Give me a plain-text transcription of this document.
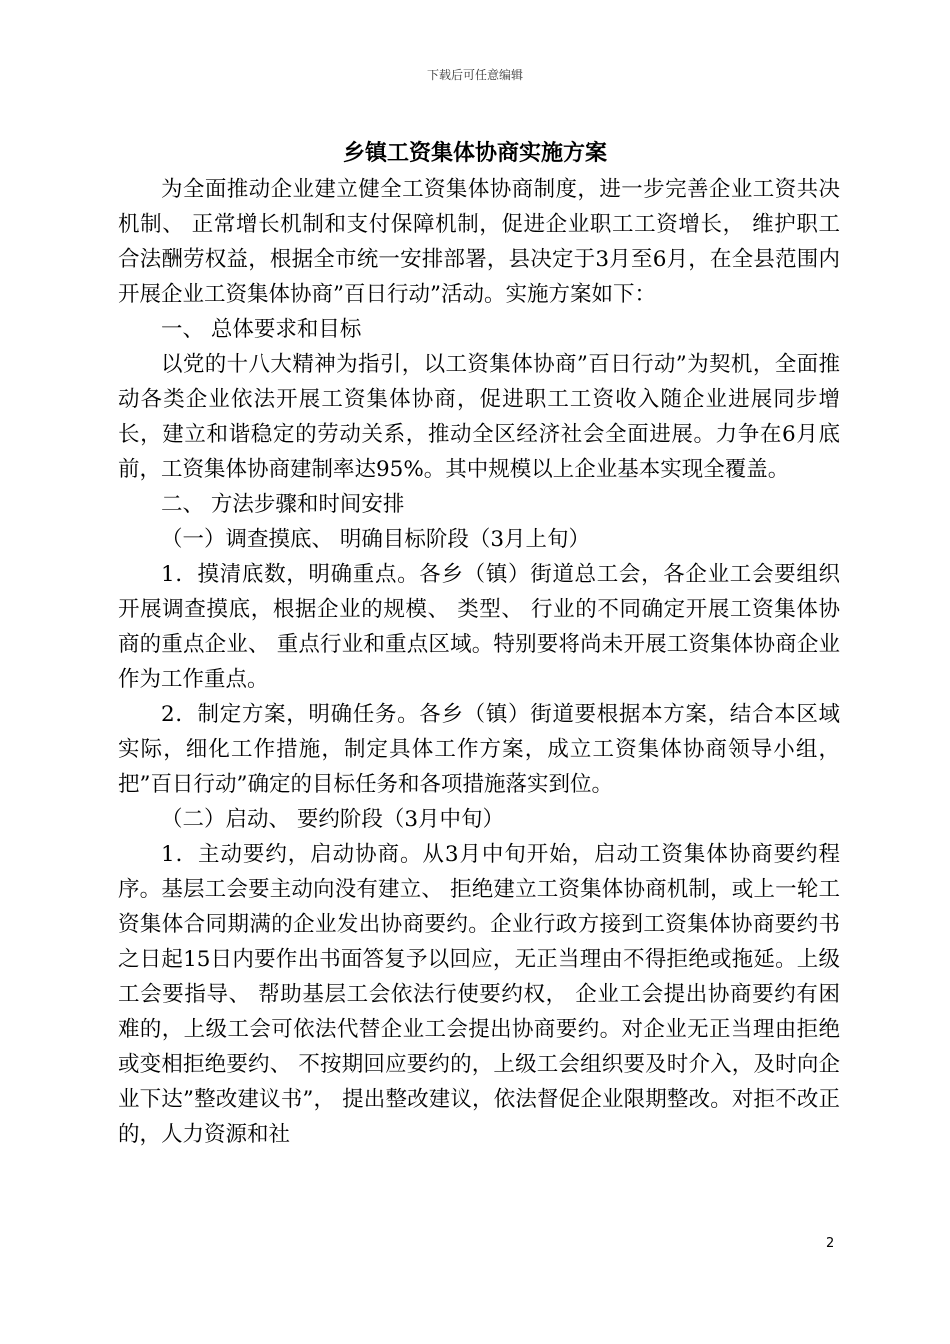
下载后可任意编辑
乡镇工资集体协商实施方案

为全面推动企业建立健全工资集体协商制度，进一步完善企业工资共决机制、 正常增长机制和支付保障机制，促进企业职工工资增长， 维护职工合法酬劳权益，根据全市统一安排部署，县决定于3月至6月，在全县范围内开展企业工资集体协商”百日行动”活动。实施方案如下：

一、 总体要求和目标

以党的十八大精神为指引，以工资集体协商”百日行动”为契机，全面推动各类企业依法开展工资集体协商，促进职工工资收入随企业进展同步增长，建立和谐稳定的劳动关系，推动全区经济社会全面进展。力争在6月底前，工资集体协商建制率达95%。其中规模以上企业基本实现全覆盖。

二、 方法步骤和时间安排

（一）调查摸底、 明确目标阶段（3月上旬）

1．摸清底数，明确重点。各乡（镇）街道总工会，各企业工会要组织开展调查摸底，根据企业的规模、 类型、 行业的不同确定开展工资集体协商的重点企业、 重点行业和重点区域。特别要将尚未开展工资集体协商企业作为工作重点。

2．制定方案，明确任务。各乡（镇）街道要根据本方案，结合本区域实际，细化工作措施，制定具体工作方案，成立工资集体协商领导小组，把”百日行动”确定的目标任务和各项措施落实到位。

（二）启动、 要约阶段（3月中旬）

1．主动要约，启动协商。从3月中旬开始，启动工资集体协商要约程序。基层工会要主动向没有建立、 拒绝建立工资集体协商机制，或上一轮工资集体合同期满的企业发出协商要约。企业行政方接到工资集体协商要约书之日起15日内要作出书面答复予以回应，无正当理由不得拒绝或拖延。上级工会要指导、 帮助基层工会依法行使要约权， 企业工会提出协商要约有困难的，上级工会可依法代替企业工会提出协商要约。对企业无正当理由拒绝或变相拒绝要约、 不按期回应要约的，上级工会组织要及时介入，及时向企业下达”整改建议书”， 提出整改建议，依法督促企业限期整改。对拒不改正的，人力资源和社

2
